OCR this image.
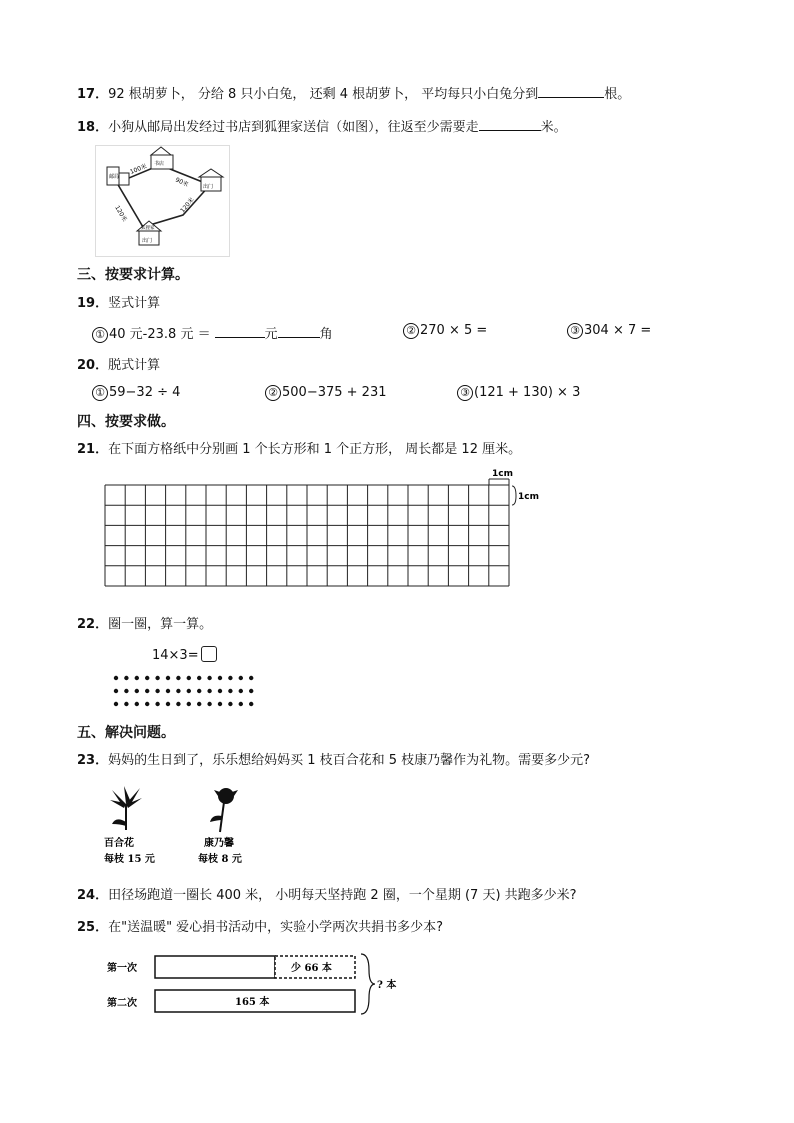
17．92 根胡萝卜， 分给 8 只小白兔， 还剩 4 根胡萝卜， 平均每只小白兔分到	根。
18．小狗从邮局出发经过书店到狐狸家送信（如图），往返至少需要走	米。
邮局
书店
出门
狐狸家
出门
100米
90米
120米	120米
三、按要求计算。
19．竖式计算
① 40 元-23.8 元 ＝	元	角	② 270 × 5 =	③ 304 × 7 =
20．脱式计算
① 59−32 ÷ 4	② 500−375 + 231	③ (121 + 130) × 3
四、按要求做。
21．在下面方格纸中分别画 1 个长方形和 1 个正方形， 周长都是 12 厘米。
1cm
1cm
22．圈一圈，算一算。
14×3=
五、解决问题。
23．妈妈的生日到了，乐乐想给妈妈买 1 枝百合花和 5 枝康乃馨作为礼物。需要多少元?
百合花
每枝 15 元
康乃馨
每枝 8 元
24．田径场跑道一圈长 400 米， 小明每天坚持跑 2 圈，一个星期 (7 天) 共跑多少米?
25．在"送温暖" 爱心捐书活动中，实验小学两次共捐书多少本?
第一次	少 66 本
第二次	165 本
? 本
